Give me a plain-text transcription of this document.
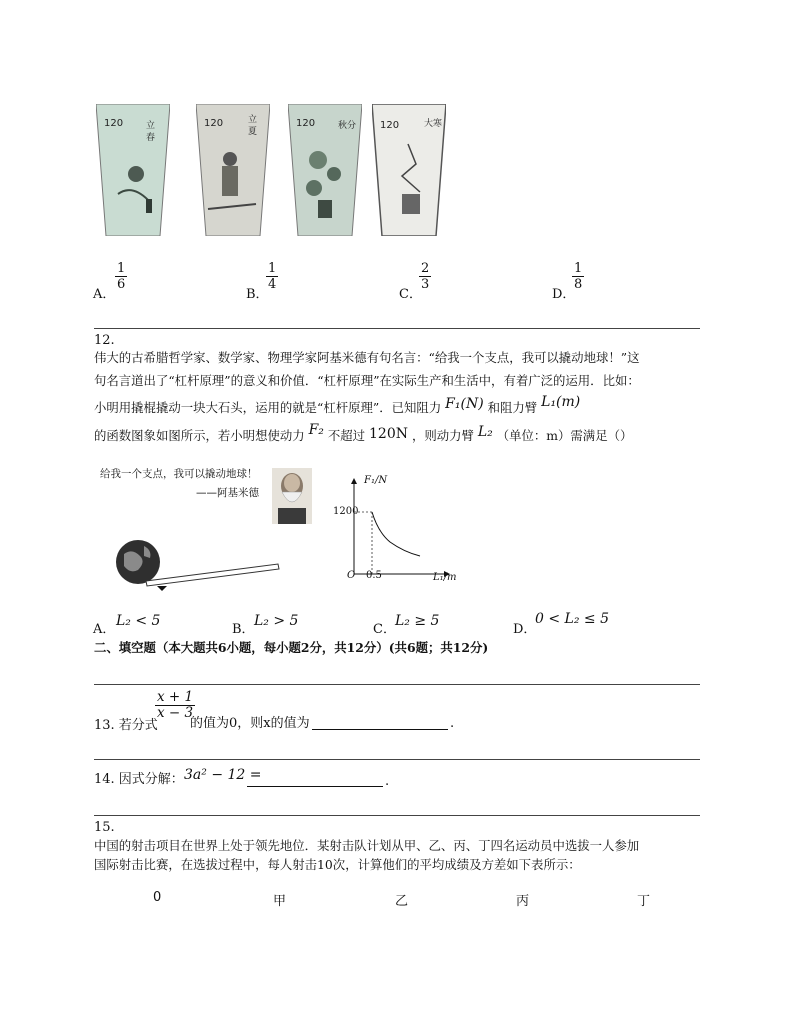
120	立
春
120	立
夏
120	秋分 120	大寒
A．
1
6
B．
1
4
C．
2
3
D．
1
8
12.
伟大的古希腊哲学家、数学家、物理学家阿基米德有句名言：“给我一个支点，我可以撬动地球！”这
句名言道出了“杠杆原理”的意义和价值．“杠杆原理”在实际生产和生活中，有着广泛的运用．比如：
小明用撬棍撬动一块大石头，运用的就是“杠杆原理”．已知阻力 F₁(N) 和阻力臂 L₁(m)
的函数图象如图所示，若小明想使动力 F₂ 不超过 120N ，则动力臂 L₂ （单位：m）需满足（）
给我一个支点，我可以撬动地球！
——阿基米德
F₁/N
L₁/m
1200
0.5
O
A．
L₂ < 5
B．
L₂ > 5
C．
L₂ ≥ 5
D．
0 < L₂ ≤ 5
二、填空题（本大题共6小题，每小题2分，共12分）(共6题；共12分)
13. 若分式
x + 1
x − 3
的值为0，则x的值为	.
14. 因式分解： 3a² − 12 =	.
15.
中国的射击项目在世界上处于领先地位．某射击队计划从甲、乙、丙、丁四名运动员中选拔一人参加
国际射击比赛，在选拔过程中，每人射击10次，计算他们的平均成绩及方差如下表所示：
0	甲	乙	丙	丁
